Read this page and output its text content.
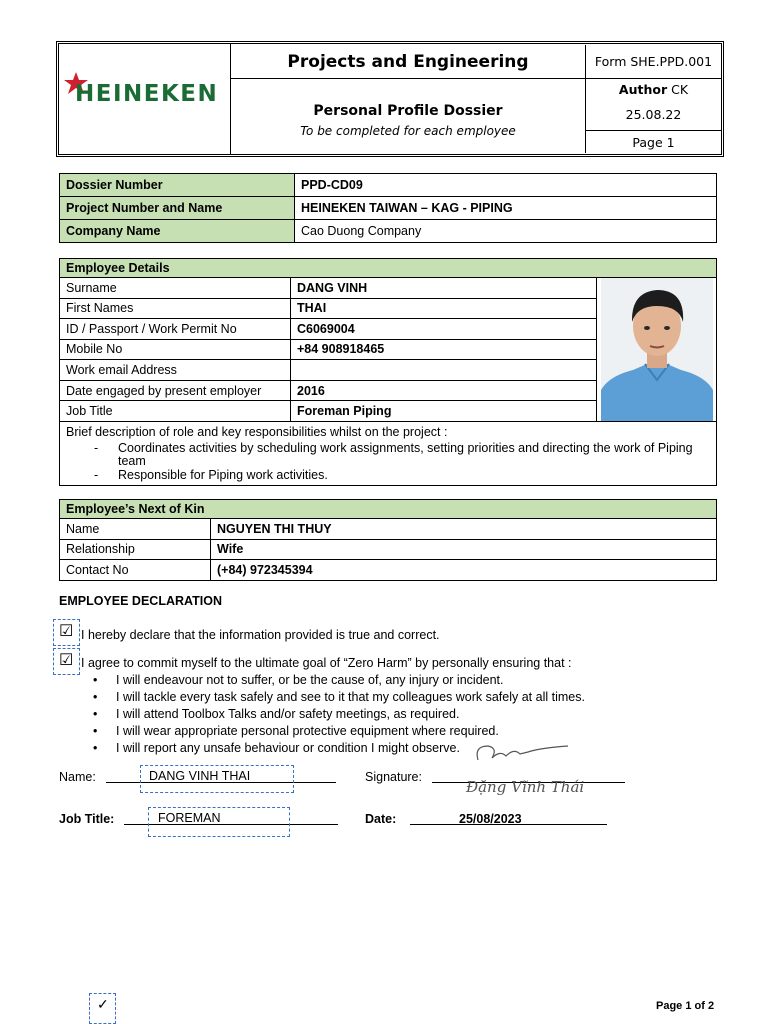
HEINEKEN
Projects and Engineering
Personal Profile Dossier
To be completed for each employee
Form SHE.PPD.001
Author CK
25.08.22
Page 1
Dossier Number	PPD-CD09
Project Number and Name	HEINEKEN TAIWAN – KAG - PIPING
Company Name	Cao Duong Company
Employee Details		
Surname	DANG VINH	

First Names	THAI	
ID / Passport / Work Permit No	C6069004	
Mobile No	+84 908918465	
Work email Address		
Date engaged by present employer	2016	
Job Title	Foreman Piping	

Brief description of role and key responsibilities whilst on the project :
- Coordinates activities by scheduling work assignments, setting priorities and directing the work of Piping team
- Responsible for Piping work activities.		
Employee’s Next of Kin	
Name	NGUYEN THI THUY
Relationship	Wife
Contact No	(+84) 972345394
EMPLOYEE DECLARATION
☑ I hereby declare that the information provided is true and correct.
☑ I agree to commit myself to the ultimate goal of “Zero Harm” by personally ensuring that :
• I will endeavour not to suffer, or be the cause of, any injury or incident.
• I will tackle every task safely and see to it that my colleagues work safely at all times.
• I will attend Toolbox Talks and/or safety meetings, as required.
• I will wear appropriate personal protective equipment where required.
• I will report any unsafe behaviour or condition I might observe.
Name:	DANG VINH THAI	Signature:
Đặng Vĩnh Thái
Job Title:	FOREMAN	Date:	25/08/2023
✓	Page 1 of 2
